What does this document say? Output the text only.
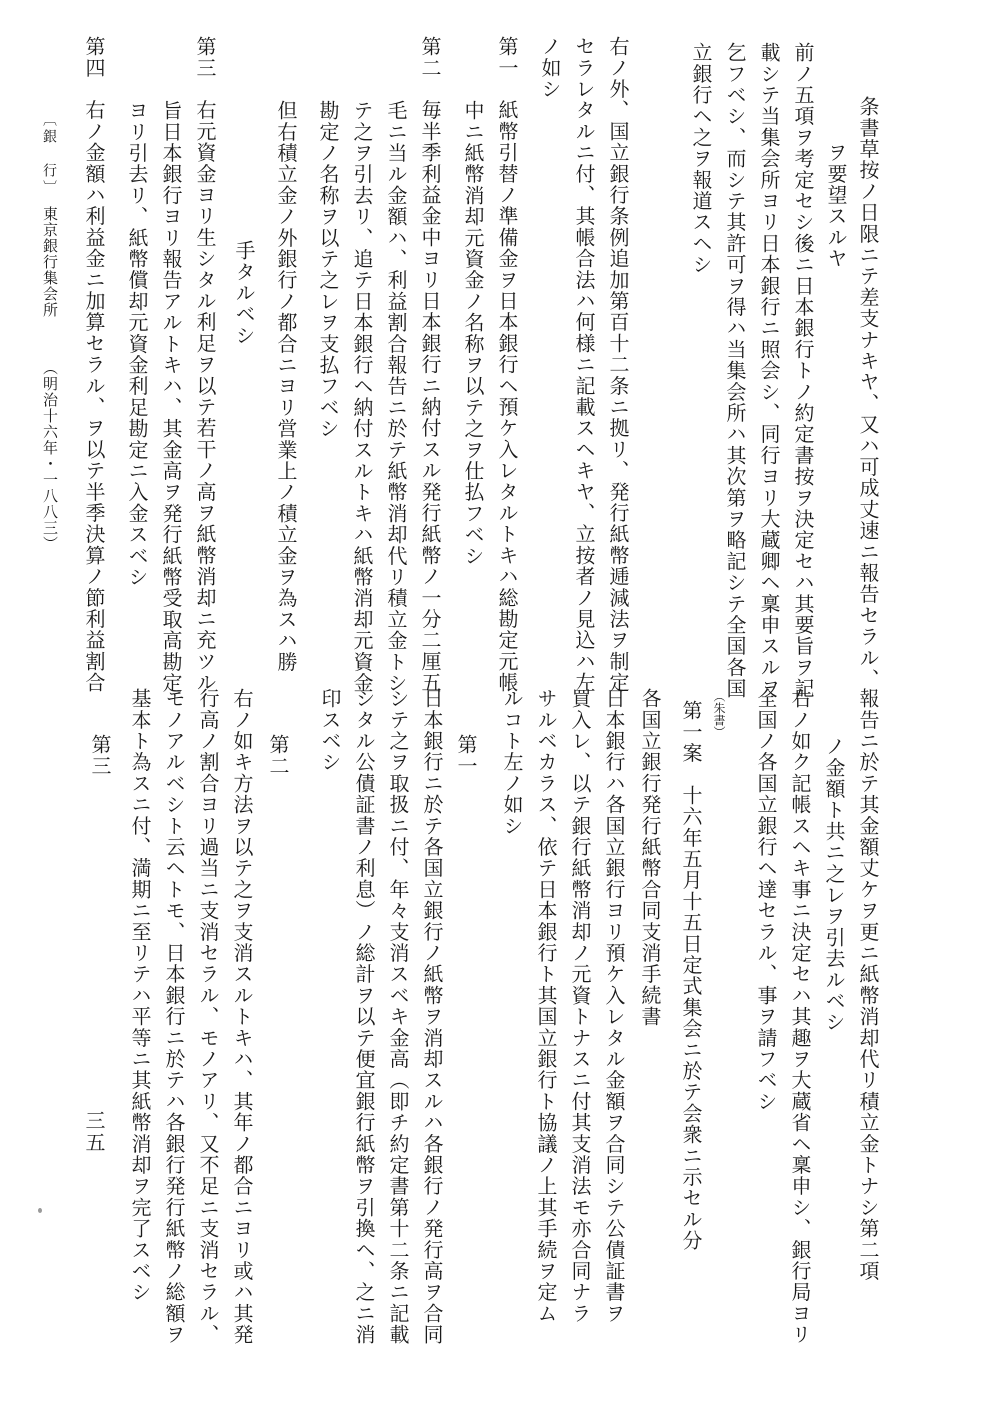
条書草按ノ日限ニテ差支ナキヤ、又ハ可成丈速ニ報告セラル、
ヲ要望スルヤ
前ノ五項ヲ考定セシ後ニ日本銀行トノ約定書按ヲ決定セハ其要旨ヲ記
載シテ当集会所ヨリ日本銀行ニ照会シ、同行ヨリ大蔵卿ヘ稟申スルヲ
乞フベシ、而シテ其許可ヲ得ハ当集会所ハ其次第ヲ略記シテ全国各国
立銀行ヘ之ヲ報道スヘシ
右ノ外、国立銀行条例追加第百十二条ニ拠リ、発行紙幣逓減法ヲ制定
セラレタルニ付、其帳合法ハ何様ニ記載スヘキヤ、立按者ノ見込ハ左
ノ如シ
第一　紙幣引替ノ準備金ヲ日本銀行ヘ預ケ入レタルトキハ総勘定元帳
中ニ紙幣消却元資金ノ名称ヲ以テ之ヲ仕払フベシ
第二　毎半季利益金中ヨリ日本銀行ニ納付スル発行紙幣ノ一分二厘五
毛ニ当ル金額ハ、利益割合報告ニ於テ紙幣消却代リ積立金トシ
テ之ヲ引去リ、追テ日本銀行ヘ納付スルトキハ紙幣消却元資金
勘定ノ名称ヲ以テ之レヲ支払フベシ
但右積立金ノ外銀行ノ都合ニヨリ営業上ノ積立金ヲ為スハ勝
手タルベシ
第三　右元資金ヨリ生シタル利足ヲ以テ若干ノ高ヲ紙幣消却ニ充ツル
旨日本銀行ヨリ報告アルトキハ、其金高ヲ発行紙幣受取高勘定
ヨリ引去リ、紙幣償却元資金利足勘定ニ入金スベシ
第四　右ノ金額ハ利益金ニ加算セラル、ヲ以テ半季決算ノ節利益割合
〔銀　行〕
東京銀行集会所
（明治十六年・一八八三）
報告ニ於テ其金額丈ケヲ更ニ紙幣消却代リ積立金トナシ第二項
ノ金額ト共ニ之レヲ引去ルベシ
右ノ如ク記帳スヘキ事ニ決定セハ其趣ヲ大蔵省ヘ稟申シ、銀行局ヨリ
全国ノ各国立銀行ヘ達セラル、事ヲ請フベシ
（朱書）
第一案　十六年五月十五日定式集会ニ於テ会衆ニ示セル分
各国立銀行発行紙幣合同支消手続書
日本銀行ハ各国立銀行ヨリ預ケ入レタル金額ヲ合同シテ公債証書ヲ
買入レ、以テ銀行紙幣消却ノ元資トナスニ付其支消法モ亦合同ナラ
サルベカラス、依テ日本銀行ト其国立銀行ト協議ノ上其手続ヲ定ム
ルコト左ノ如シ
第一
日本銀行ニ於テ各国立銀行ノ紙幣ヲ消却スルハ各銀行ノ発行高ヲ合同
シテ之ヲ取扱ニ付、年々支消スベキ金高（即チ約定書第十二条ニ記載
シタル公債証書ノ利息）ノ総計ヲ以テ便宜銀行紙幣ヲ引換ヘ、之ニ消
印スベシ
第二
右ノ如キ方法ヲ以テ之ヲ支消スルトキハ、其年ノ都合ニヨリ或ハ其発
行高ノ割合ヨリ過当ニ支消セラル、モノアリ、又不足ニ支消セラル、
モノアルベシト云ヘトモ、日本銀行ニ於テハ各銀行発行紙幣ノ総額ヲ
基本ト為スニ付、満期ニ至リテハ平等ニ其紙幣消却ヲ完了スベシ
第三
三五
